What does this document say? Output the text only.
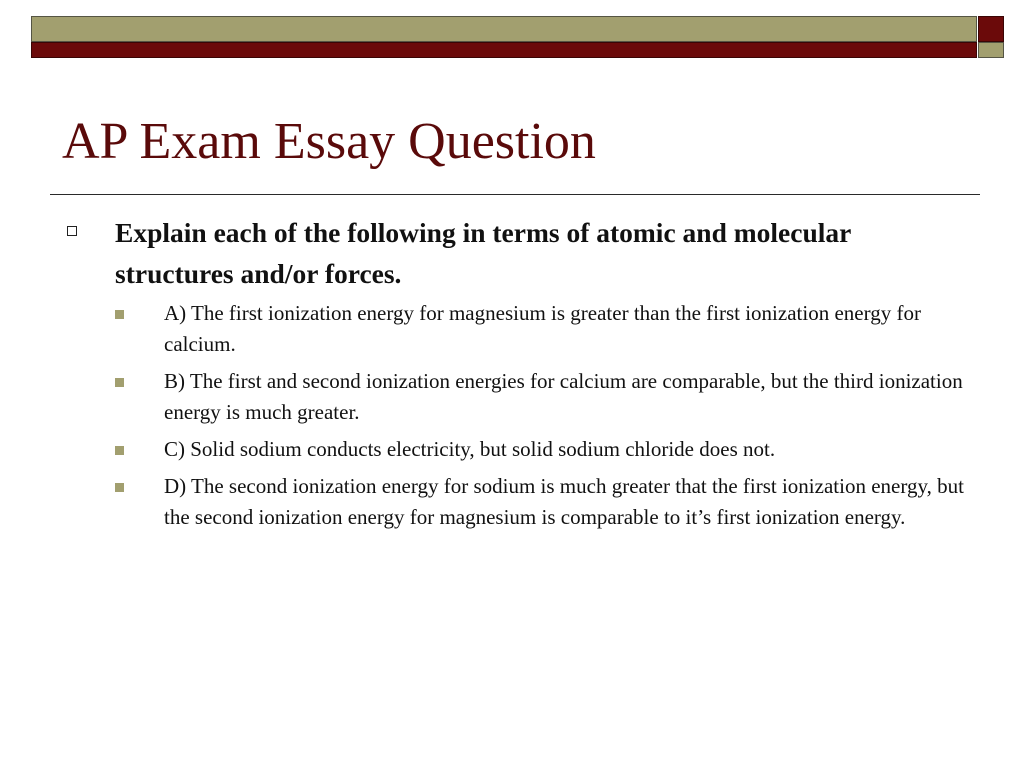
AP Exam Essay Question
Explain each of the following in terms of atomic and molecular structures and/or forces.
A) The first ionization energy for magnesium is greater than the first ionization energy for calcium.
B) The first and second ionization energies for calcium are comparable, but the third ionization energy is much greater.
C) Solid sodium conducts electricity, but solid sodium chloride does not.
D) The second ionization energy for sodium is much greater that the first ionization energy, but the second ionization energy for magnesium is comparable to it’s first ionization energy.
